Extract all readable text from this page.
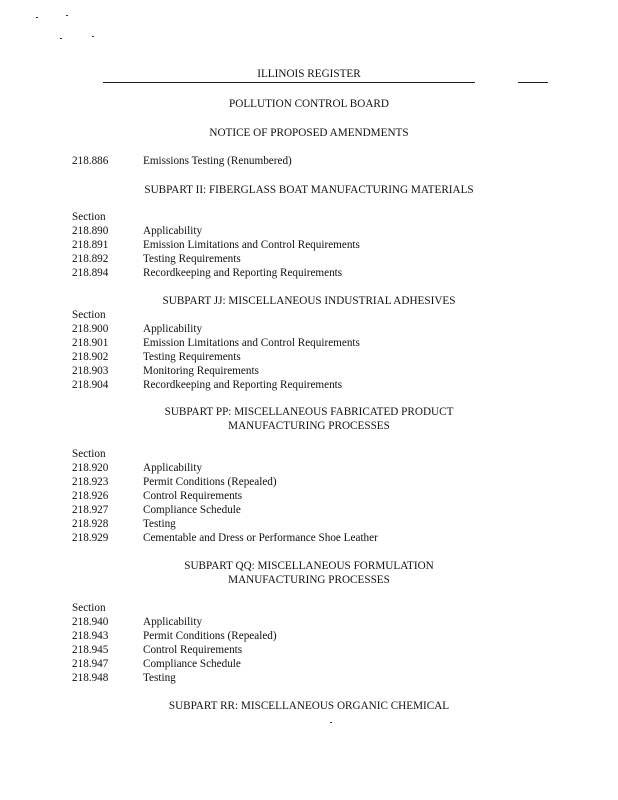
ILLINOIS REGISTER
POLLUTION CONTROL BOARD
NOTICE OF PROPOSED AMENDMENTS
218.886	Emissions Testing (Renumbered)
SUBPART II: FIBERGLASS BOAT MANUFACTURING MATERIALS
Section
218.890	Applicability
218.891	Emission Limitations and Control Requirements
218.892	Testing Requirements
218.894	Recordkeeping and Reporting Requirements
SUBPART JJ: MISCELLANEOUS INDUSTRIAL ADHESIVES
Section
218.900	Applicability
218.901	Emission Limitations and Control Requirements
218.902	Testing Requirements
218.903	Monitoring Requirements
218.904	Recordkeeping and Reporting Requirements
SUBPART PP: MISCELLANEOUS FABRICATED PRODUCT
MANUFACTURING PROCESSES
Section
218.920	Applicability
218.923	Permit Conditions (Repealed)
218.926	Control Requirements
218.927	Compliance Schedule
218.928	Testing
218.929	Cementable and Dress or Performance Shoe Leather
SUBPART QQ: MISCELLANEOUS FORMULATION
MANUFACTURING PROCESSES
Section
218.940	Applicability
218.943	Permit Conditions (Repealed)
218.945	Control Requirements
218.947	Compliance Schedule
218.948	Testing
SUBPART RR: MISCELLANEOUS ORGANIC CHEMICAL
